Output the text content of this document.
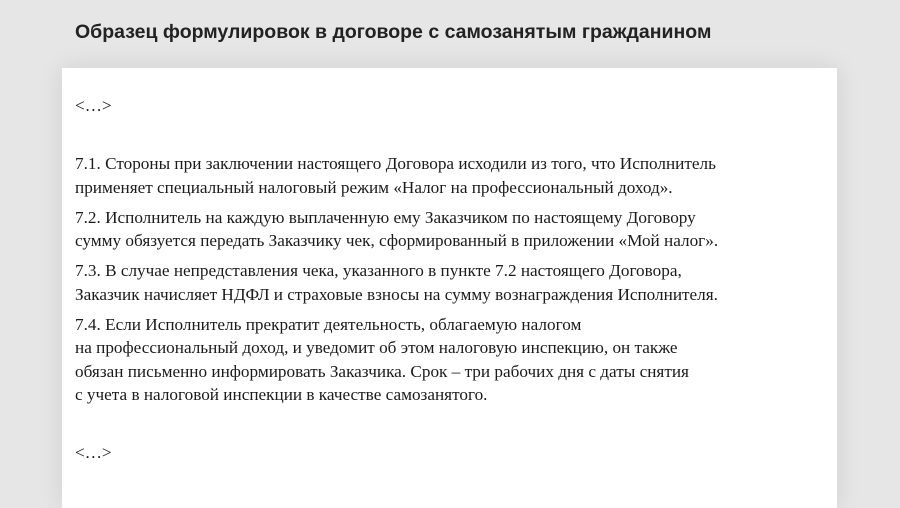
Образец формулировок в договоре с самозанятым гражданином

<…>

7.1. Стороны при заключении настоящего Договора исходили из того, что Исполнитель
применяет специальный налоговый режим «Налог на профессиональный доход».
7.2. Исполнитель на каждую выплаченную ему Заказчиком по настоящему Договору
сумму обязуется передать Заказчику чек, сформированный в приложении «Мой налог».
7.3. В случае непредставления чека, указанного в пункте 7.2 настоящего Договора,
Заказчик начисляет НДФЛ и страховые взносы на сумму вознаграждения Исполнителя.
7.4. Если Исполнитель прекратит деятельность, облагаемую налогом
на профессиональный доход, и уведомит об этом налоговую инспекцию, он также
обязан письменно информировать Заказчика. Срок – три рабочих дня с даты снятия
с учета в налоговой инспекции в качестве самозанятого.

<…>
